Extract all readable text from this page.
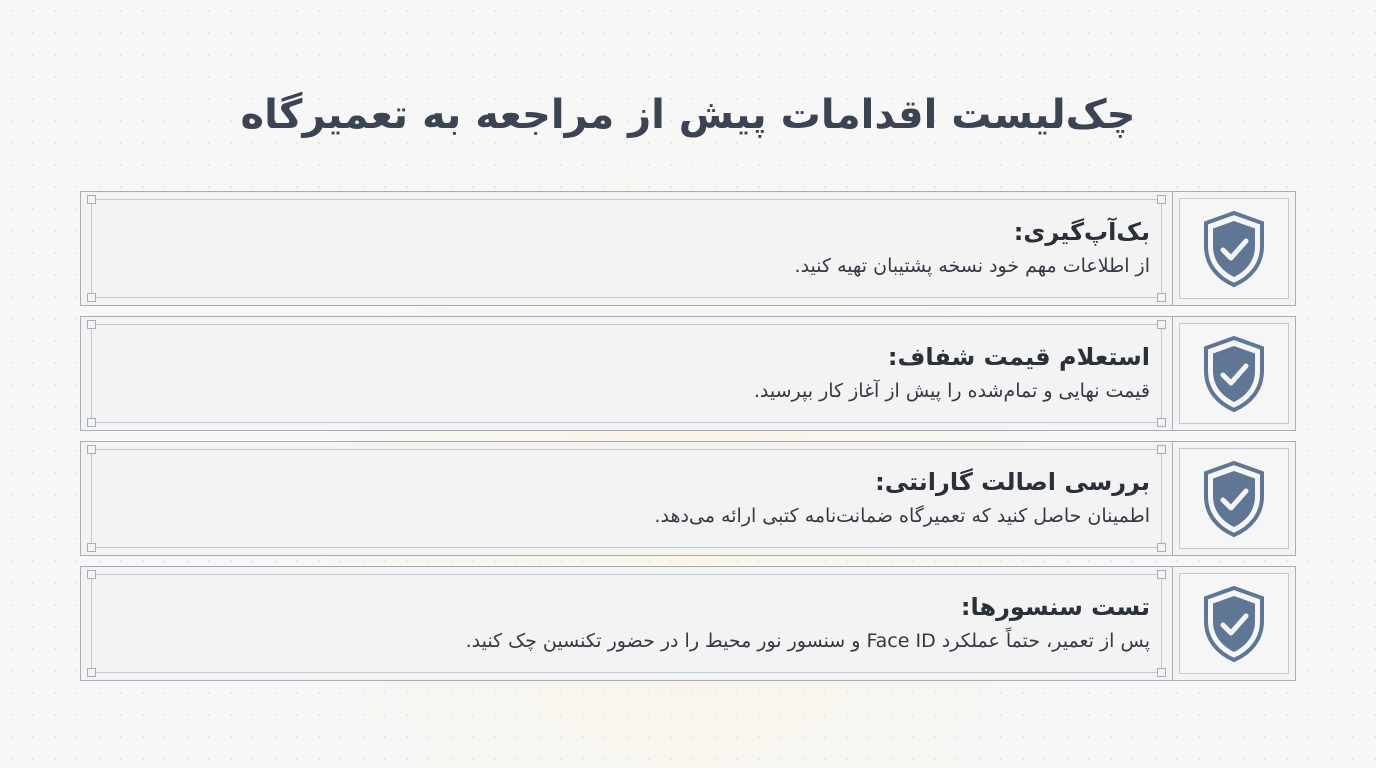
چک‌لیست اقدامات پیش از مراجعه به تعمیرگاه

بک‌آپ‌گیری:

از اطلاعات مهم خود نسخه پشتیبان تهیه کنید.

استعلام قیمت شفاف:

قیمت نهایی و تمام‌شده را پیش از آغاز کار بپرسید.

بررسی اصالت گارانتی:

اطمینان حاصل کنید که تعمیرگاه ضمانت‌نامه کتبی ارائه می‌دهد.

تست سنسورها:

پس از تعمیر، حتماً عملکرد Face ID و سنسور نور محیط را در حضور تکنسین چک کنید.
